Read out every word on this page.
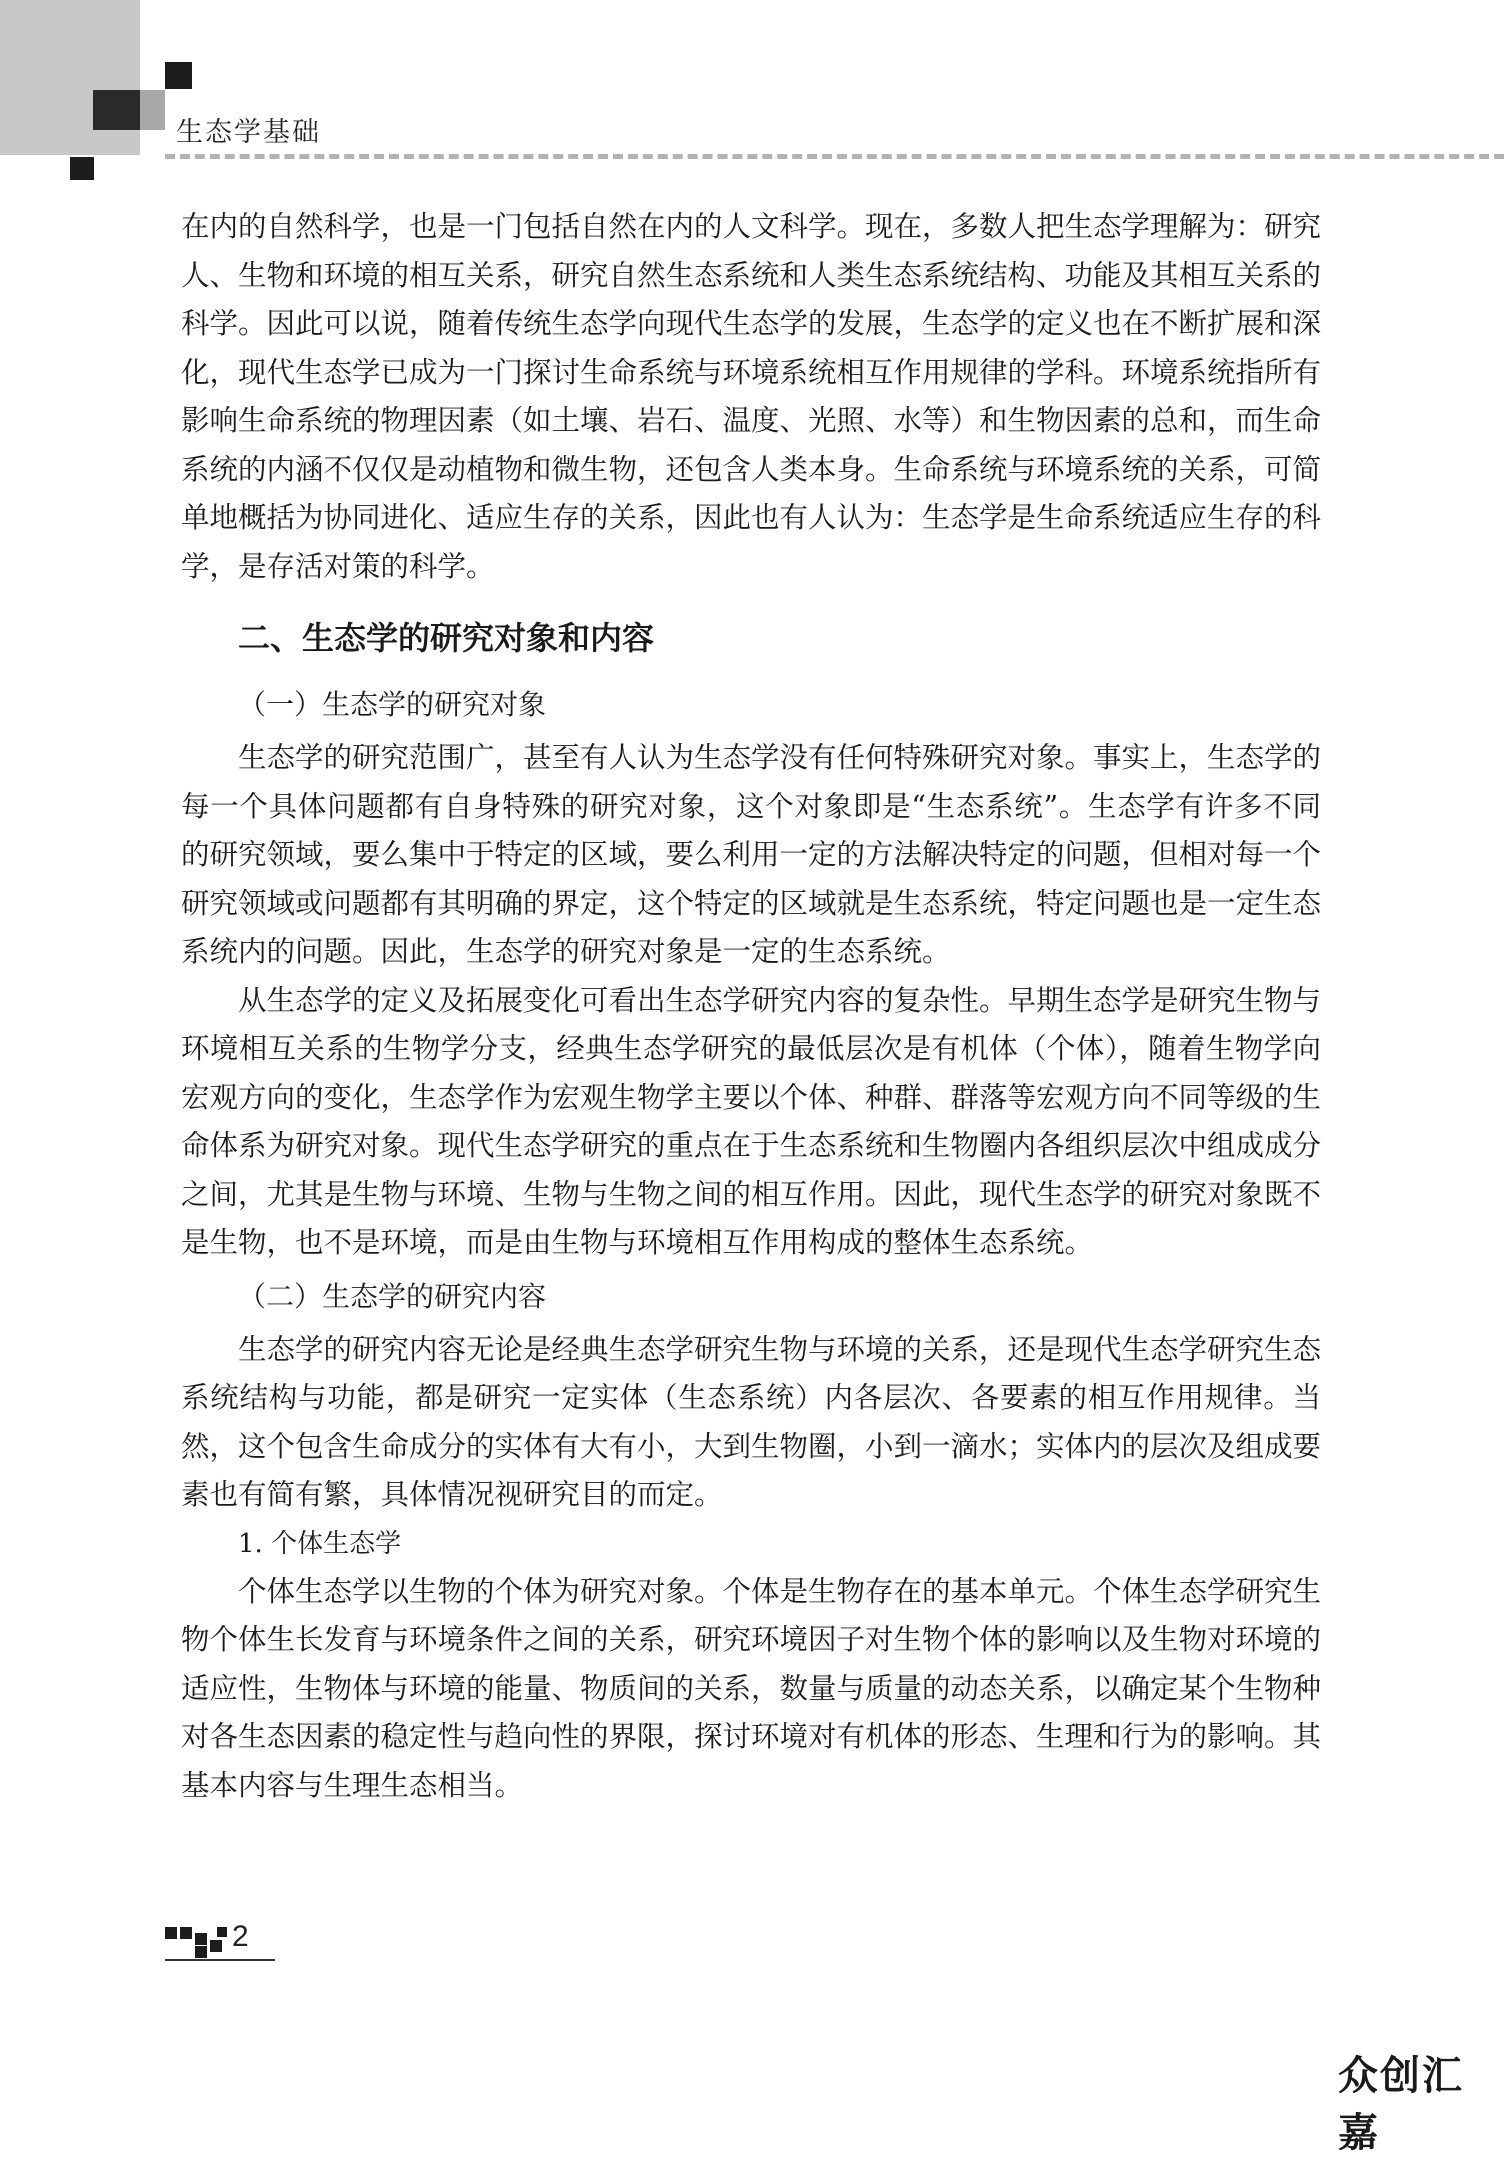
生态学基础

在内的自然科学，也是一门包括自然在内的人文科学。现在，多数人把生态学理解为：研究人、生物和环境的相互关系，研究自然生态系统和人类生态系统结构、功能及其相互关系的科学。因此可以说，随着传统生态学向现代生态学的发展，生态学的定义也在不断扩展和深化，现代生态学已成为一门探讨生命系统与环境系统相互作用规律的学科。环境系统指所有影响生命系统的物理因素（如土壤、岩石、温度、光照、水等）和生物因素的总和，而生命系统的内涵不仅仅是动植物和微生物，还包含人类本身。生命系统与环境系统的关系，可简单地概括为协同进化、适应生存的关系，因此也有人认为：生态学是生命系统适应生存的科学，是存活对策的科学。

二、生态学的研究对象和内容
（一）生态学的研究对象

生态学的研究范围广，甚至有人认为生态学没有任何特殊研究对象。事实上，生态学的每一个具体问题都有自身特殊的研究对象，这个对象即是“生态系统”。生态学有许多不同的研究领域，要么集中于特定的区域，要么利用一定的方法解决特定的问题，但相对每一个研究领域或问题都有其明确的界定，这个特定的区域就是生态系统，特定问题也是一定生态系统内的问题。因此，生态学的研究对象是一定的生态系统。

从生态学的定义及拓展变化可看出生态学研究内容的复杂性。早期生态学是研究生物与环境相互关系的生物学分支，经典生态学研究的最低层次是有机体（个体），随着生物学向宏观方向的变化，生态学作为宏观生物学主要以个体、种群、群落等宏观方向不同等级的生命体系为研究对象。现代生态学研究的重点在于生态系统和生物圈内各组织层次中组成成分之间，尤其是生物与环境、生物与生物之间的相互作用。因此，现代生态学的研究对象既不是生物，也不是环境，而是由生物与环境相互作用构成的整体生态系统。

（二）生态学的研究内容

生态学的研究内容无论是经典生态学研究生物与环境的关系，还是现代生态学研究生态系统结构与功能，都是研究一定实体（生态系统）内各层次、各要素的相互作用规律。当然，这个包含生命成分的实体有大有小，大到生物圈，小到一滴水；实体内的层次及组成要素也有简有繁，具体情况视研究目的而定。

1. 个体生态学

个体生态学以生物的个体为研究对象。个体是生物存在的基本单元。个体生态学研究生物个体生长发育与环境条件之间的关系，研究环境因子对生物个体的影响以及生物对环境的适应性，生物体与环境的能量、物质间的关系，数量与质量的动态关系，以确定某个生物种对各生态因素的稳定性与趋向性的界限，探讨环境对有机体的形态、生理和行为的影响。其基本内容与生理生态相当。

2
众创汇嘉
